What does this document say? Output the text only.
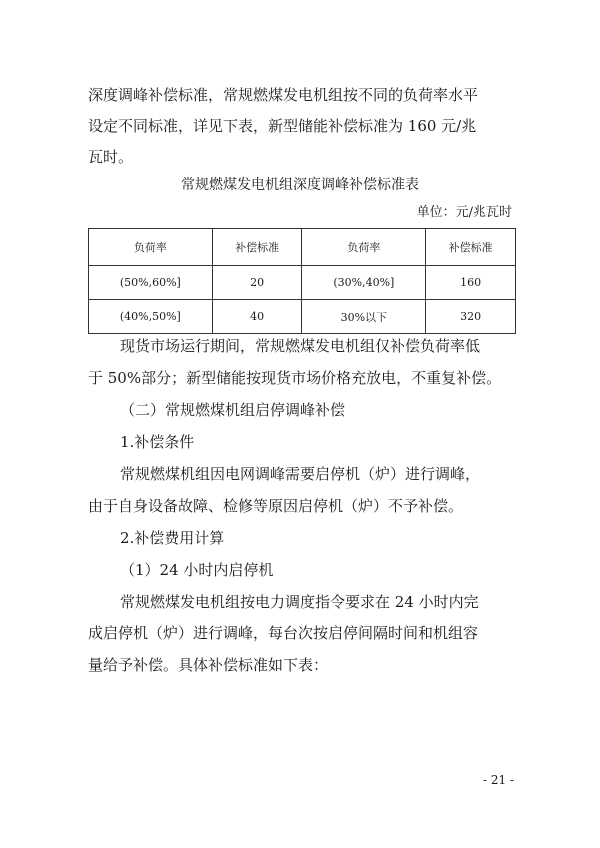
深度调峰补偿标准，常规燃煤发电机组按不同的负荷率水平
设定不同标准，详见下表，新型储能补偿标准为 160 元/兆
瓦时。
常规燃煤发电机组深度调峰补偿标准表
单位：元/兆瓦时
负荷率	补偿标准	负荷率	补偿标准
(50%,60%]	20	(30%,40%]	160
(40%,50%]	40	30%以下	320
现货市场运行期间，常规燃煤发电机组仅补偿负荷率低
于 50%部分；新型储能按现货市场价格充放电，不重复补偿。
（二）常规燃煤机组启停调峰补偿
1.补偿条件
常规燃煤机组因电网调峰需要启停机（炉）进行调峰，
由于自身设备故障、检修等原因启停机（炉）不予补偿。
2.补偿费用计算
（1）24 小时内启停机
常规燃煤发电机组按电力调度指令要求在 24 小时内完
成启停机（炉）进行调峰，每台次按启停间隔时间和机组容
量给予补偿。具体补偿标准如下表：
- 21 -
